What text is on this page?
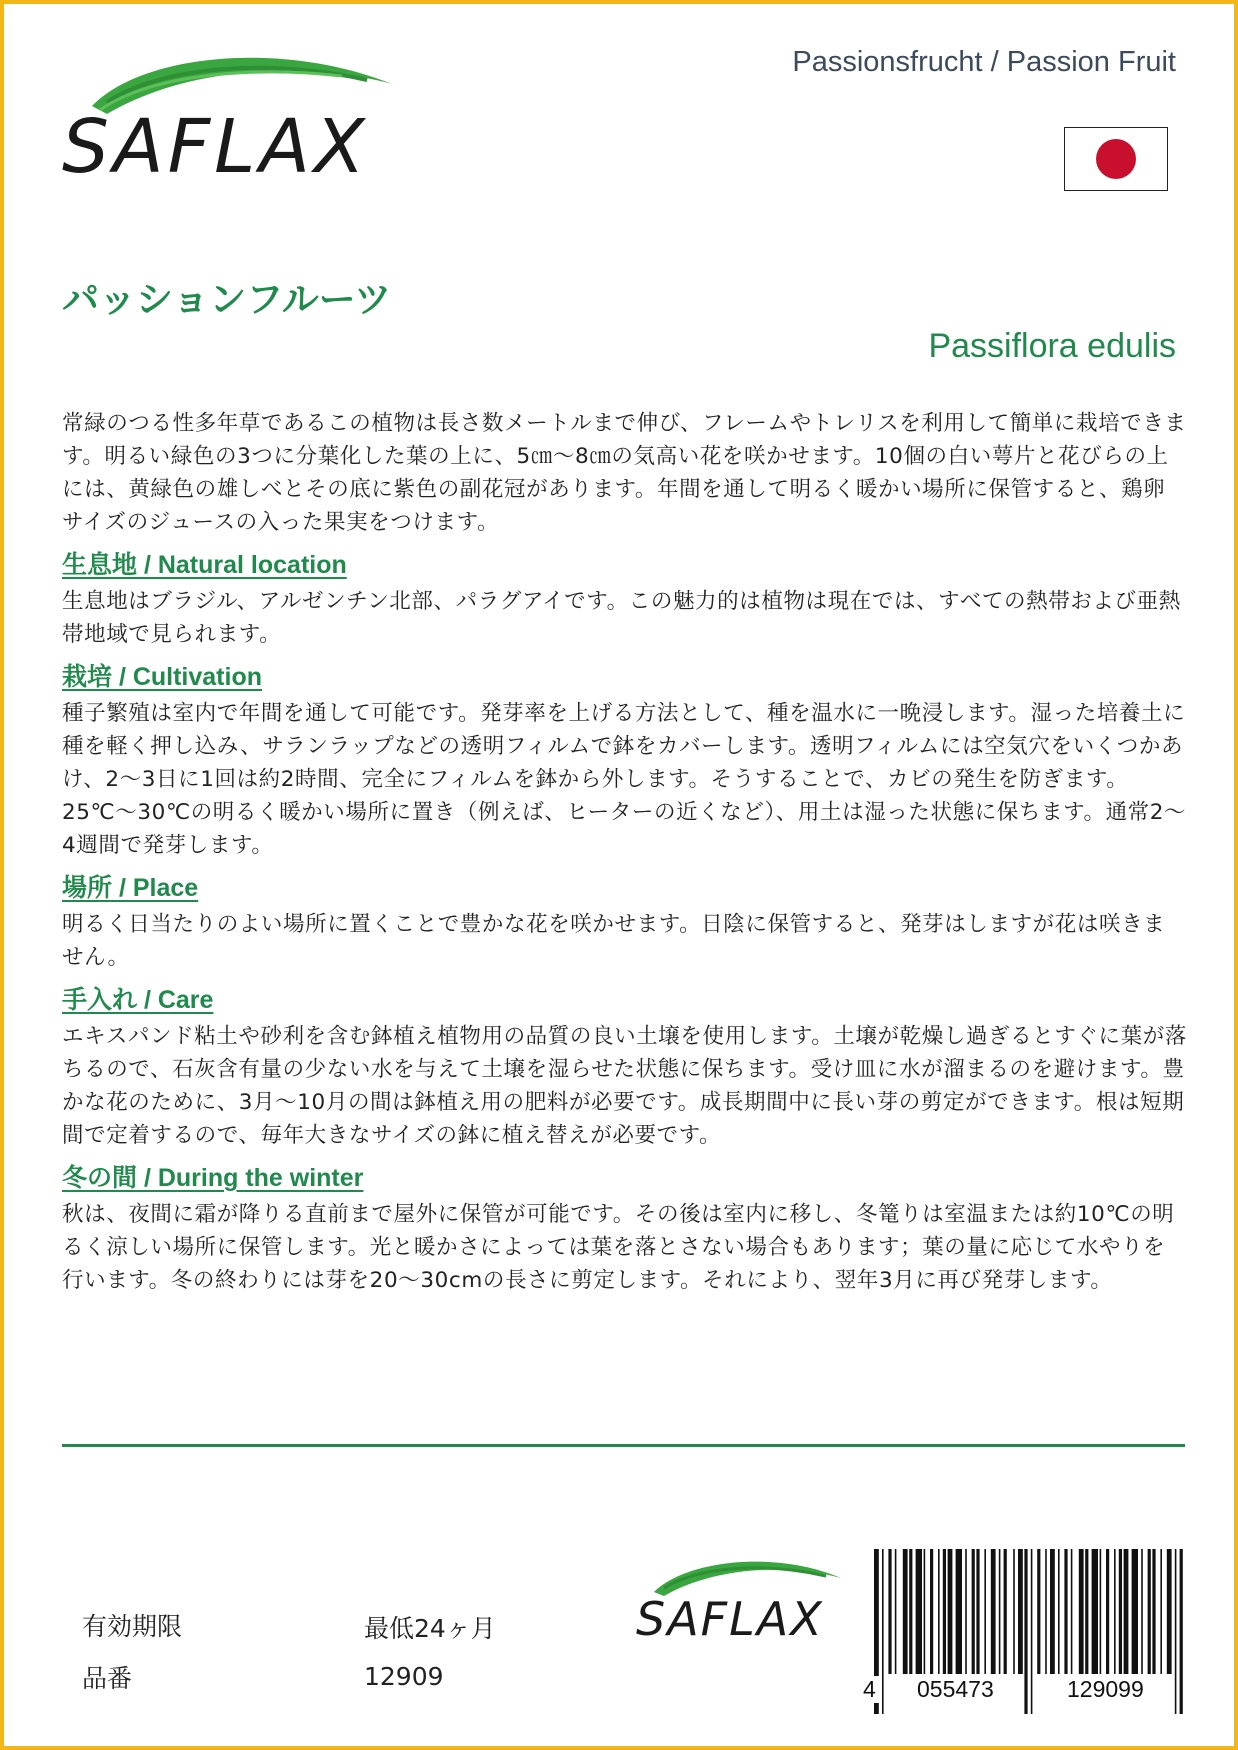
SAFLAX
Passionsfrucht / Passion Fruit
パッションフルーツ
Passiflora edulis

常緑のつる性多年草であるこの植物は長さ数メートルまで伸び、フレームやトレリスを利用して簡単に栽培できます。明るい緑色の3つに分葉化した葉の上に、5㎝～8㎝の気高い花を咲かせます。10個の白い萼片と花びらの上には、黄緑色の雄しべとその底に紫色の副花冠があります。年間を通して明るく暖かい場所に保管すると、鶏卵サイズのジュースの入った果実をつけます。

生息地 / Natural location

生息地はブラジル、アルゼンチン北部、パラグアイです。この魅力的は植物は現在では、すべての熱帯および亜熱帯地域で見られます。

栽培 / Cultivation

種子繁殖は室内で年間を通して可能です。発芽率を上げる方法として、種を温水に一晩浸します。湿った培養土に種を軽く押し込み、サランラップなどの透明フィルムで鉢をカバーします。透明フィルムには空気穴をいくつかあけ、2～3日に1回は約2時間、完全にフィルムを鉢から外します。そうすることで、カビの発生を防ぎます。25℃〜30℃の明るく暖かい場所に置き（例えば、ヒーターの近くなど）、用土は湿った状態に保ちます。通常2～4週間で発芽します。

場所 / Place

明るく日当たりのよい場所に置くことで豊かな花を咲かせます。日陰に保管すると、発芽はしますが花は咲きません。

手入れ / Care

エキスパンド粘土や砂利を含む鉢植え植物用の品質の良い土壌を使用します。土壌が乾燥し過ぎるとすぐに葉が落ちるので、石灰含有量の少ない水を与えて土壌を湿らせた状態に保ちます。受け皿に水が溜まるのを避けます。豊かな花のために、3月～10月の間は鉢植え用の肥料が必要です。成長期間中に長い芽の剪定ができます。根は短期間で定着するので、毎年大きなサイズの鉢に植え替えが必要です。

冬の間 / During the winter

秋は、夜間に霜が降りる直前まで屋外に保管が可能です。その後は室内に移し、冬篭りは室温または約10℃の明るく涼しい場所に保管します。光と暖かさによっては葉を落とさない場合もあります；葉の量に応じて水やりを行います。冬の終わりには芽を20〜30cmの長さに剪定します。それにより、翌年3月に再び発芽します。

有効期限	最低24ヶ月
品番	12909
SAFLAX
4 055473	129099
